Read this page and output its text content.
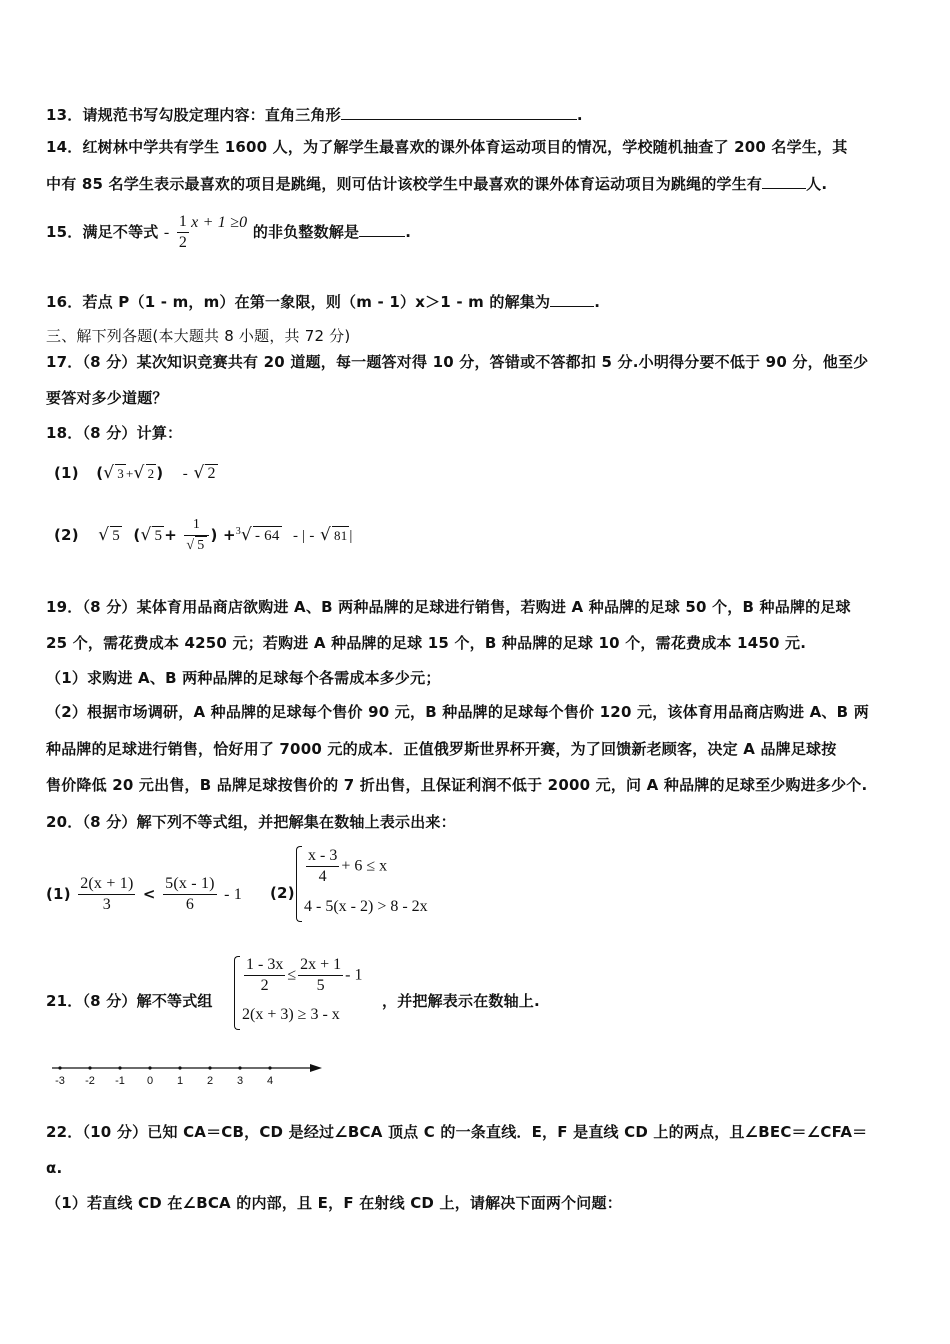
13．请规范书写勾股定理内容：直角三角形	.
14．红树林中学共有学生 1600 人，为了解学生最喜欢的课外体育运动项目的情况，学校随机抽查了 200 名学生，其
中有 85 名学生表示最喜欢的项目是跳绳，则可估计该校学生中最喜欢的课外体育运动项目为跳绳的学生有	人.
15．满足不等式 - $\frac{1}{2}$ x + 1 ≥0 的非负整数解是	.
16．若点 P（1 - m，m）在第一象限，则（m - 1）x＞1 - m 的解集为	.
三、解下列各题(本大题共 8 小题，共 72 分)
17．（8 分）某次知识竞赛共有 20 道题，每一题答对得 10 分，答错或不答都扣 5 分.小明得分要不低于 90 分，他至少
要答对多少道题？
18．（8 分）计算：
(1) (√ 3 +√ 2 ) - √ 2
(2) √ 5 (√ $5 + \frac{1}{√ 5}$ ) +$^3$√ - 64 - | - √ 81 |
19．（8 分）某体育用品商店欲购进 A、B 两种品牌的足球进行销售，若购进 A 种品牌的足球 50 个，B 种品牌的足球
25 个，需花费成本 4250 元；若购进 A 种品牌的足球 15 个，B 种品牌的足球 10 个，需花费成本 1450 元.
（1）求购进 A、B 两种品牌的足球每个各需成本多少元；
（2）根据市场调研，A 种品牌的足球每个售价 90 元，B 种品牌的足球每个售价 120 元，该体育用品商店购进 A、B 两
种品牌的足球进行销售，恰好用了 7000 元的成本．正值俄罗斯世界杯开赛，为了回馈新老顾客，决定 A 品牌足球按
售价降低 20 元出售，B 品牌足球按售价的 7 折出售，且保证利润不低于 2000 元，问 A 种品牌的足球至少购进多少个.
20．（8 分）解下列不等式组，并把解集在数轴上表示出来：
$(1) \frac{2(x + 1)}{3} < \frac{5(x - 1)}{6} - 1$ (2)
$\frac{x - 3}{4} + 6 \le x$
4 - 5(x - 2) > 8 - 2x
21．（8 分）解不等式组
$\frac{1 - 3x}{2} \le \frac{2x + 1}{5} - 1$
2(x + 3) ≥ 3 - x
，并把解表示在数轴上.
-3 -2 -1 0 1 2 3 4
22．（10 分）已知 CA＝CB，CD 是经过∠BCA 顶点 C 的一条直线．E，F 是直线 CD 上的两点，且∠BEC＝∠CFA＝
α.
（1）若直线 CD 在∠BCA 的内部，且 E，F 在射线 CD 上，请解决下面两个问题：
